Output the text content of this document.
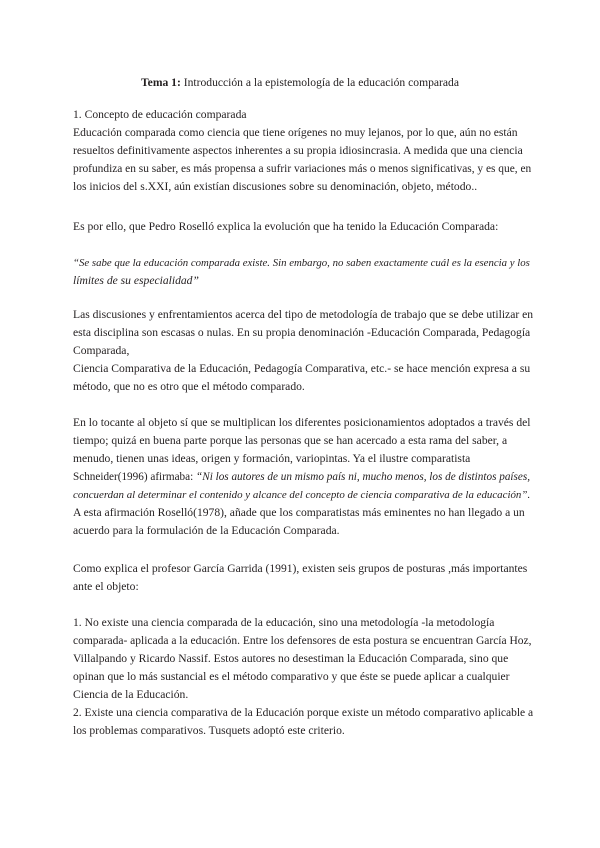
Tema 1: Introducción a la epistemología de la educación comparada
1. Concepto de educación comparada
Educación comparada como ciencia que tiene orígenes no muy lejanos, por lo que, aún no están
resueltos definitivamente aspectos inherentes a su propia idiosincrasia. A medida que una ciencia
profundiza en su saber, es más propensa a sufrir variaciones más o menos significativas, y es que, en
los inicios del s.XXI, aún existían discusiones sobre su denominación, objeto, método..
Es por ello, que Pedro Roselló explica la evolución que ha tenido la Educación Comparada:
“Se sabe que la educación comparada existe. Sin embargo, no saben exactamente cuál es la esencia y los
límites de su especialidad”
Las discusiones y enfrentamientos acerca del tipo de metodología de trabajo que se debe utilizar en
esta disciplina son escasas o nulas. En su propia denominación -Educación Comparada, Pedagogía
Comparada,
Ciencia Comparativa de la Educación, Pedagogía Comparativa, etc.- se hace mención expresa a su
método, que no es otro que el método comparado.
En lo tocante al objeto sí que se multiplican los diferentes posicionamientos adoptados a través del
tiempo; quizá en buena parte porque las personas que se han acercado a esta rama del saber, a
menudo, tienen unas ideas, origen y formación, variopintas. Ya el ilustre comparatista
Schneider(1996) afirmaba: “Ni los autores de un mismo país ni, mucho menos, los de distintos países,
concuerdan al determinar el contenido y alcance del concepto de ciencia comparativa de la educación”.
A esta afirmación Roselló(1978), añade que los comparatistas más eminentes no han llegado a un
acuerdo para la formulación de la Educación Comparada.
Como explica el profesor García Garrida (1991), existen seis grupos de posturas ,más importantes
ante el objeto:
1. No existe una ciencia comparada de la educación, sino una metodología -la metodología
comparada- aplicada a la educación. Entre los defensores de esta postura se encuentran García Hoz,
Villalpando y Ricardo Nassif. Estos autores no desestiman la Educación Comparada, sino que
opinan que lo más sustancial es el método comparativo y que éste se puede aplicar a cualquier
Ciencia de la Educación.
2. Existe una ciencia comparativa de la Educación porque existe un método comparativo aplicable a
los problemas comparativos. Tusquets adoptó este criterio.
